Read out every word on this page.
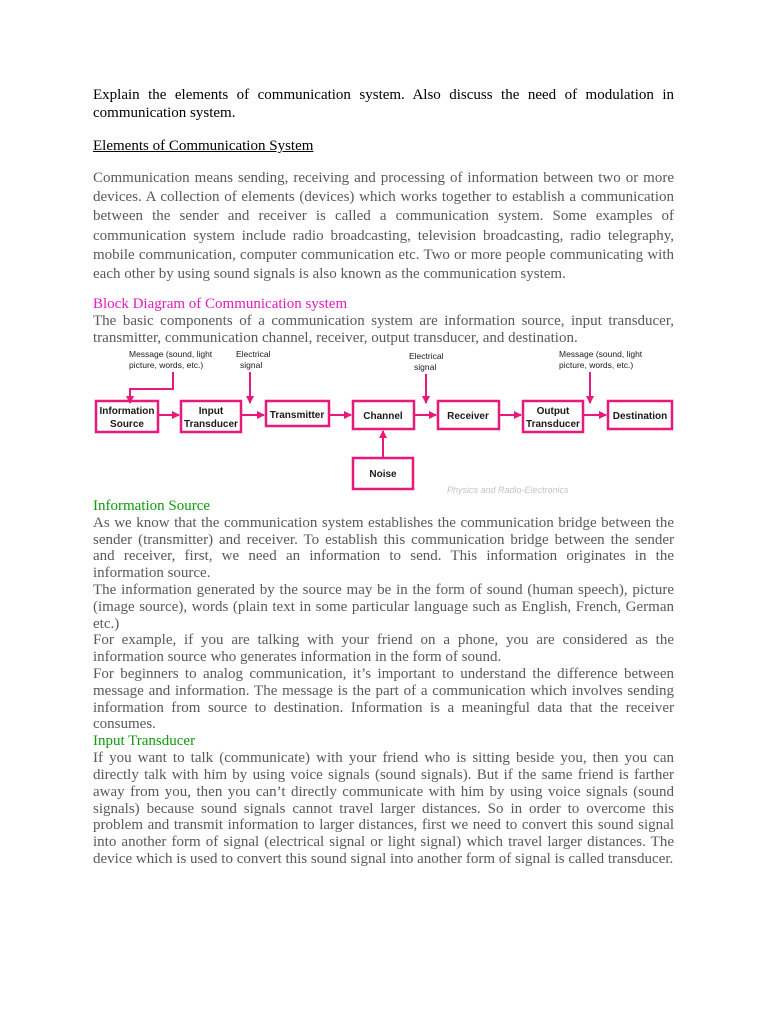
Explain the elements of communication system. Also discuss the need of modulation in communication system.

Elements of Communication System

Communication means sending, receiving and processing of information between two or more devices. A collection of elements (devices) which works together to establish a communication between the sender and receiver is called a communication system. Some examples of communication system include radio broadcasting, television broadcasting, radio telegraphy, mobile communication, computer communication etc. Two or more people communicating with each other by using sound signals is also known as the communication system.

Block Diagram of Communication system

The basic components of a communication system are information source, input transducer, transmitter, communication channel, receiver, output transducer, and destination.

Message (sound, light
picture, words, etc.)
Electrical
signal
Electrical
signal
Message (sound, light
picture, words, etc.)
Information
Source
Input
Transducer
Transmitter	Channel	Receiver	Output
Transducer
Destination
Noise
Physics and Radio-Electronics

Information Source

As we know that the communication system establishes the communication bridge between the sender (transmitter) and receiver. To establish this communication bridge between the sender and receiver, first, we need an information to send. This information originates in the information source.

The information generated by the source may be in the form of sound (human speech), picture (image source), words (plain text in some particular language such as English, French, German etc.)

For example, if you are talking with your friend on a phone, you are considered as the information source who generates information in the form of sound.

For beginners to analog communication, it’s important to understand the difference between message and information. The message is the part of a communication which involves sending information from source to destination. Information is a meaningful data that the receiver consumes.

Input Transducer

If you want to talk (communicate) with your friend who is sitting beside you, then you can directly talk with him by using voice signals (sound signals). But if the same friend is farther away from you, then you can’t directly communicate with him by using voice signals (sound signals) because sound signals cannot travel larger distances. So in order to overcome this problem and transmit information to larger distances, first we need to convert this sound signal into another form of signal (electrical signal or light signal) which travel larger distances. The device which is used to convert this sound signal into another form of signal is called transducer.
